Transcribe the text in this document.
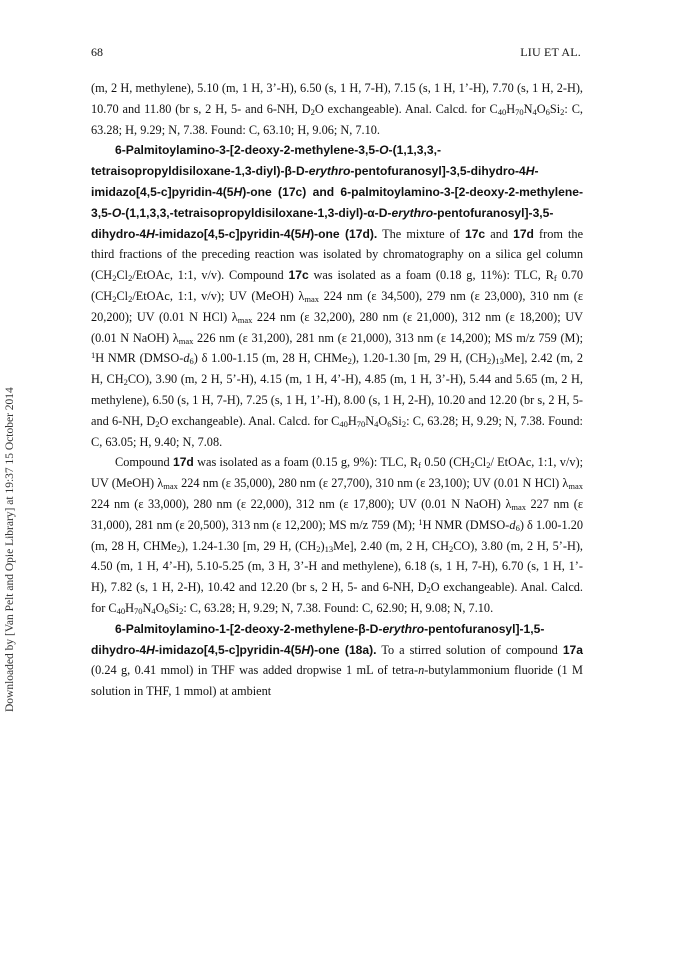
68	LIU ET AL.
Downloaded by [Van Pelt and Opie Library] at 19:37 15 October 2014

(m, 2 H, methylene), 5.10 (m, 1 H, 3’-H), 6.50 (s, 1 H, 7-H), 7.15 (s, 1 H, 1’-H), 7.70 (s, 1 H, 2-H), 10.70 and 11.80 (br s, 2 H, 5- and 6-NH, $D_2O$ exchangeable). Anal. Calcd. for $C_{40}H_{70}N_4O_6Si_2$: C, 63.28; H, 9.29; N, 7.38. Found: C, 63.10; H, 9.06; N, 7.10.

6-Palmitoylamino-3-[2-deoxy-2-methylene-3,5-O-(1,1,3,3,-tetraisopropyldisiloxane-1,3-diyl)-β-D-erythro-pentofuranosyl]-3,5-dihydro-4H-imidazo[4,5-c]pyridin-4(5H)-one (17c) and 6-palmitoylamino-3-[2-deoxy-2-methylene-3,5-O-(1,1,3,3,-tetraisopropyldisiloxane-1,3-diyl)-α-D-erythro-pentofuranosyl]-3,5-dihydro-4H-imidazo[4,5-c]pyridin-4(5H)-one (17d). The mixture of 17c and 17d from the third fractions of the preceding reaction was isolated by chromatography on a silica gel column ($CH_2Cl_2$/EtOAc, 1:1, v/v). Compound 17c was isolated as a foam (0.18 g, 11%): TLC, $R_f$ 0.70 ($CH_2Cl_2$/EtOAc, 1:1, v/v); UV (MeOH) $\lambda_{max}$ 224 nm (ε 34,500), 279 nm (ε 23,000), 310 nm (ε 20,200); UV (0.01 N HCl) $\lambda_{max}$ 224 nm (ε 32,200), 280 nm (ε 21,000), 312 nm (ε 18,200); UV (0.01 N NaOH) $\lambda_{max}$ 226 nm (ε 31,200), 281 nm (ε 21,000), 313 nm (ε 14,200); MS m/z 759 (M); $^1$H NMR $(DMSO-d_6)$ δ 1.00-1.15 (m, 28 H, CHMe$_2$), 1.20-1.30 [m, 29 H, $(CH_2)_{13}Me$], 2.42 (m, 2 H, $CH_2CO$), 3.90 (m, 2 H, 5’-H), 4.15 (m, 1 H, 4’-H), 4.85 (m, 1 H, 3’-H), 5.44 and 5.65 (m, 2 H, methylene), 6.50 (s, 1 H, 7-H), 7.25 (s, 1 H, 1’-H), 8.00 (s, 1 H, 2-H), 10.20 and 12.20 (br s, 2 H, 5- and 6-NH, $D_2O$ exchangeable). Anal. Calcd. for $C_{40}H_{70}N_4O_6Si_2$: C, 63.28; H, 9.29; N, 7.38. Found: C, 63.05; H, 9.40; N, 7.08.

Compound 17d was isolated as a foam (0.15 g, 9%): TLC, $R_f$ 0.50 ($CH_2Cl_2/$ EtOAc, 1:1, v/v); UV (MeOH) $\lambda_{max}$ 224 nm (ε 35,000), 280 nm (ε 27,700), 310 nm (ε 23,100); UV (0.01 N HCl) $\lambda_{max}$ 224 nm (ε 33,000), 280 nm (ε 22,000), 312 nm (ε 17,800); UV (0.01 N NaOH) $\lambda_{max}$ 227 nm (ε 31,000), 281 nm (ε 20,500), 313 nm (ε 12,200); MS m/z 759 (M); $^1$H NMR $(DMSO-d_6)$ δ 1.00-1.20 (m, 28 H, CHMe$_2$), 1.24-1.30 [m, 29 H, $(CH_2)_{13}Me$], 2.40 (m, 2 H, $CH_2CO$), 3.80 (m, 2 H, 5’-H), 4.50 (m, 1 H, 4’-H), 5.10-5.25 (m, 3 H, 3’-H and methylene), 6.18 (s, 1 H, 7-H), 6.70 (s, 1 H, 1’-H), 7.82 (s, 1 H, 2-H), 10.42 and 12.20 (br s, 2 H, 5- and 6-NH, $D_2O$ exchangeable). Anal. Calcd. for $C_{40}H_{70}N_4O_6Si_2$: C, 63.28; H, 9.29; N, 7.38. Found: C, 62.90; H, 9.08; N, 7.10.

6-Palmitoylamino-1-[2-deoxy-2-methylene-β-D-erythro-pentofuranosyl]-1,5-dihydro-4H-imidazo[4,5-c]pyridin-4(5H)-one (18a). To a stirred solution of compound 17a (0.24 g, 0.41 mmol) in THF was added dropwise 1 mL of tetra-n-butylammonium fluoride (1 M solution in THF, 1 mmol) at ambient
